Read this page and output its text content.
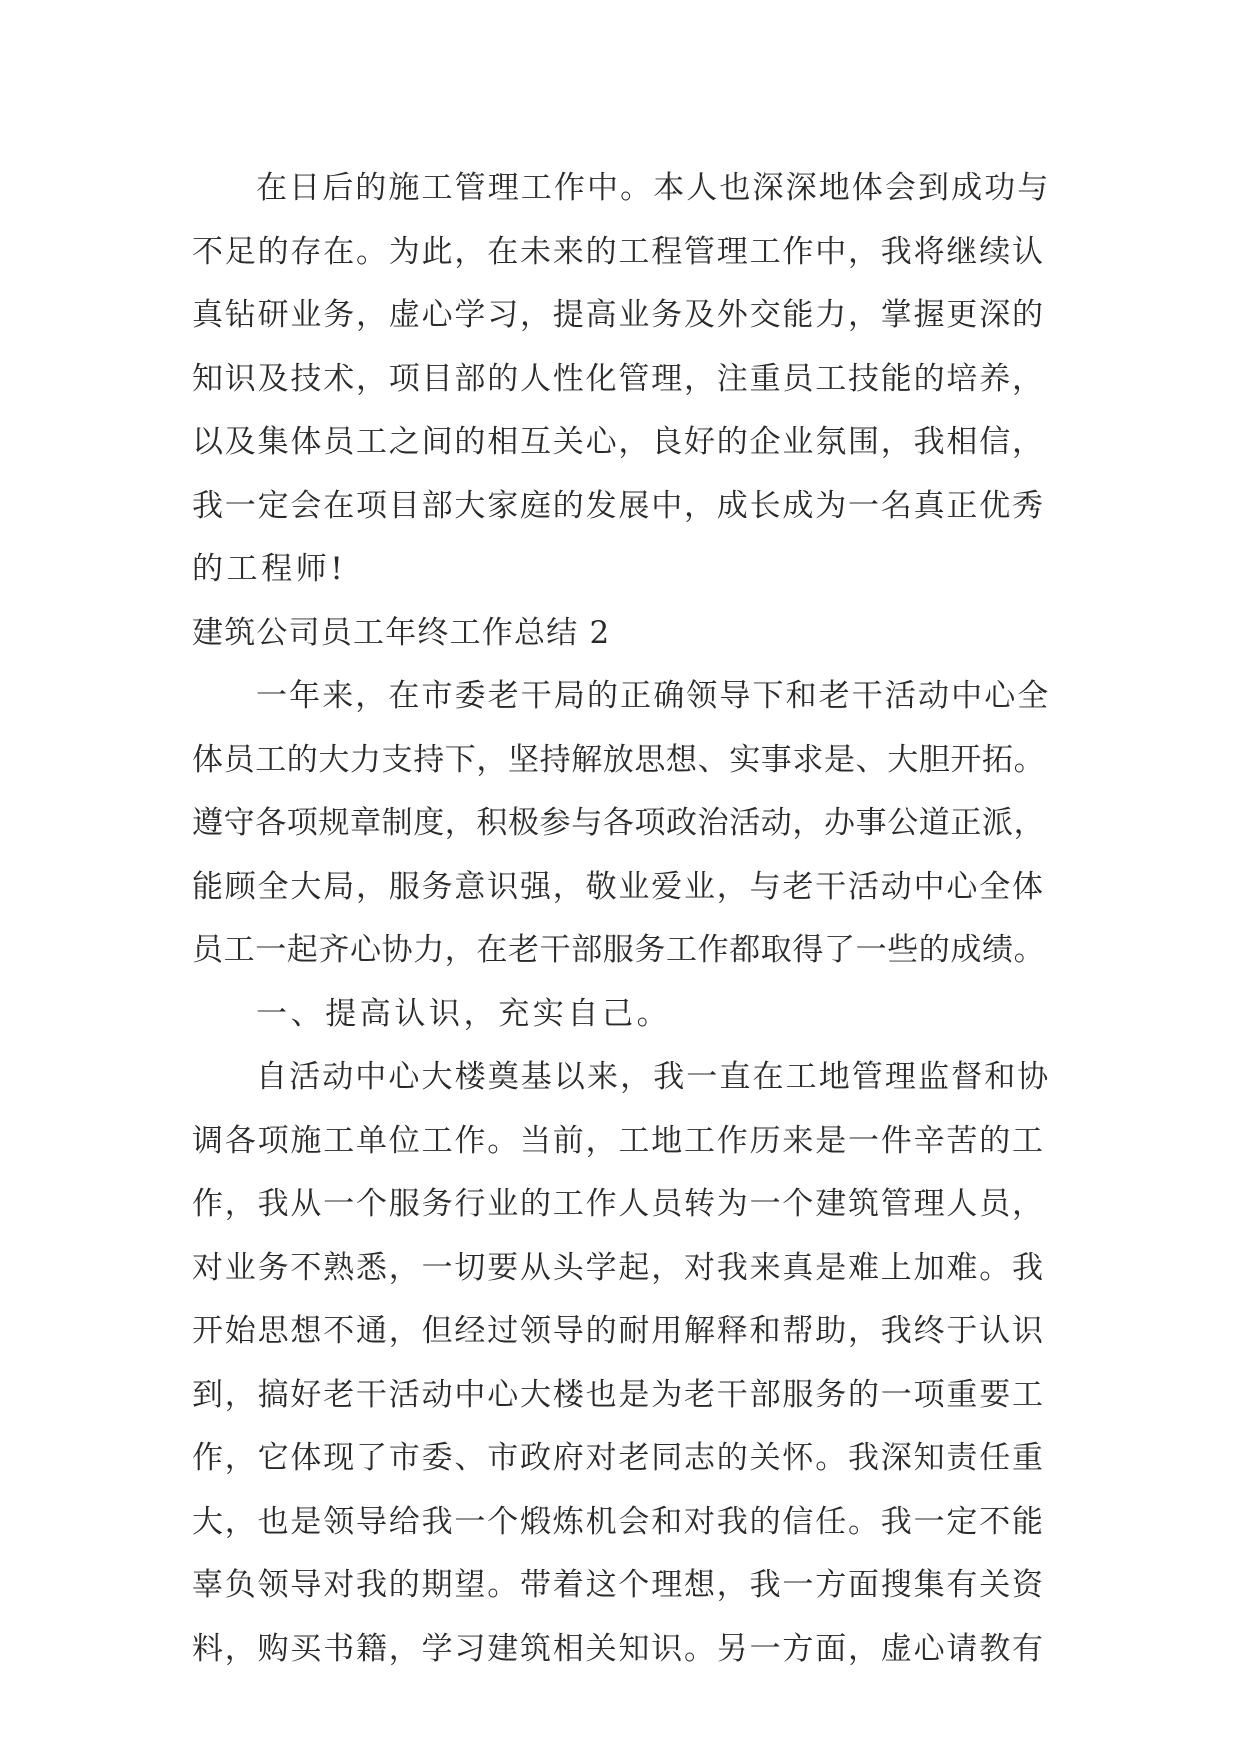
在日后的施工管理工作中。本人也深深地体会到成功与
不足的存在。为此，在未来的工程管理工作中，我将继续认
真钻研业务，虚心学习，提高业务及外交能力，掌握更深的
知识及技术，项目部的人性化管理，注重员工技能的培养，
以及集体员工之间的相互关心，良好的企业氛围，我相信，
我一定会在项目部大家庭的发展中，成长成为一名真正优秀
的工程师!
建筑公司员工年终工作总结 2
一年来，在市委老干局的正确领导下和老干活动中心全
体员工的大力支持下，坚持解放思想、实事求是、大胆开拓。
遵守各项规章制度，积极参与各项政治活动，办事公道正派，
能顾全大局，服务意识强，敬业爱业，与老干活动中心全体
员工一起齐心协力，在老干部服务工作都取得了一些的成绩。
一、提高认识，充实自己。
自活动中心大楼奠基以来，我一直在工地管理监督和协
调各项施工单位工作。当前，工地工作历来是一件辛苦的工
作，我从一个服务行业的工作人员转为一个建筑管理人员，
对业务不熟悉，一切要从头学起，对我来真是难上加难。我
开始思想不通，但经过领导的耐用解释和帮助，我终于认识
到，搞好老干活动中心大楼也是为老干部服务的一项重要工
作，它体现了市委、市政府对老同志的关怀。我深知责任重
大，也是领导给我一个煅炼机会和对我的信任。我一定不能
辜负领导对我的期望。带着这个理想，我一方面搜集有关资
料，购买书籍，学习建筑相关知识。另一方面，虚心请教有
